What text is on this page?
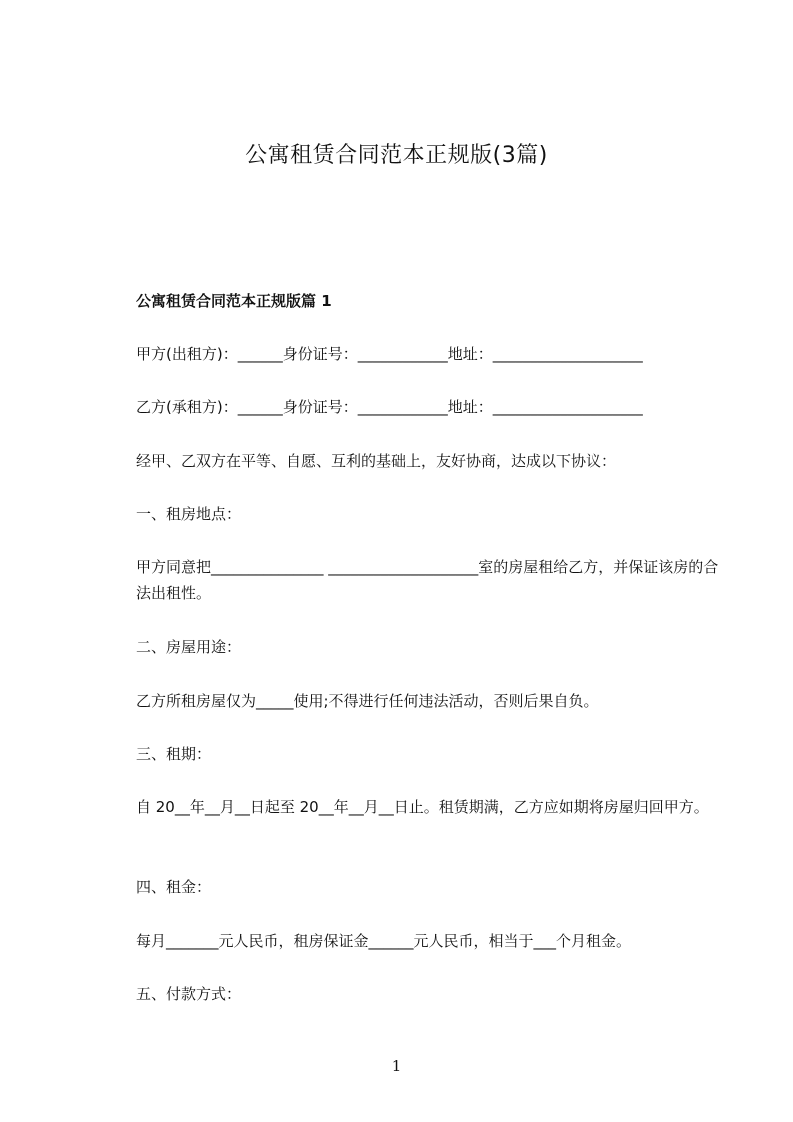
公寓租赁合同范本正规版(3篇)
公寓租赁合同范本正规版篇 1
甲方(出租方)：______身份证号：____________地址：____________________
乙方(承租方)：______身份证号：____________地址：____________________
经甲、乙双方在平等、自愿、互利的基础上，友好协商，达成以下协议：
一、租房地点：
甲方同意把_______________ ____________________室的房屋租给乙方，并保证该房的合法出租性。
二、房屋用途：
乙方所租房屋仅为_____使用;不得进行任何违法活动，否则后果自负。
三、租期：
自 20__年__月__日起至 20__年__月__日止。租赁期满，乙方应如期将房屋归回甲方。
四、租金：
每月_______元人民币，租房保证金______元人民币，相当于___个月租金。
五、付款方式：
1
